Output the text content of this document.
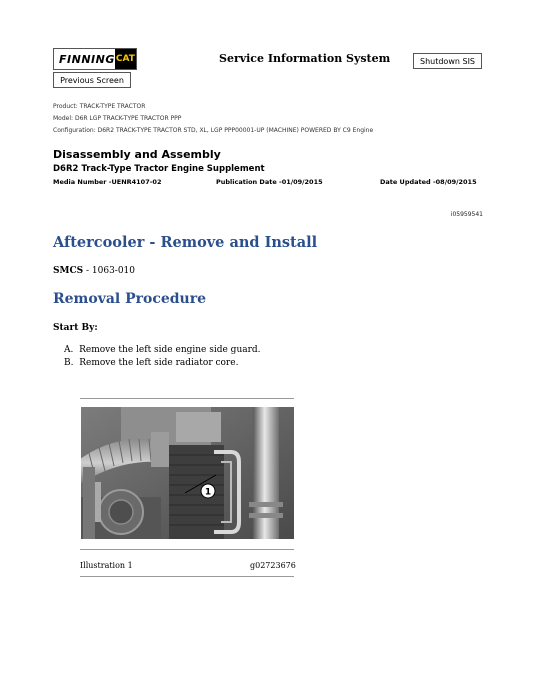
FINNING CAT
Previous Screen
Service Information System	Shutdown SIS
Product: TRACK-TYPE TRACTOR
Model: D6R LGP TRACK-TYPE TRACTOR PPP
Configuration: D6R2 TRACK-TYPE TRACTOR STD, XL, LGP PPP00001-UP (MACHINE) POWERED BY C9 Engine
Disassembly and Assembly
D6R2 Track-Type Tractor Engine Supplement
Media Number -UENR4107-02	Publication Date -01/09/2015	Date Updated -08/09/2015
i05959541
Aftercooler - Remove and Install
SMCS - 1063-010
Removal Procedure
Start By:
A. Remove the left side engine side guard.
B. Remove the left side radiator core.
1
Illustration 1	g02723676
